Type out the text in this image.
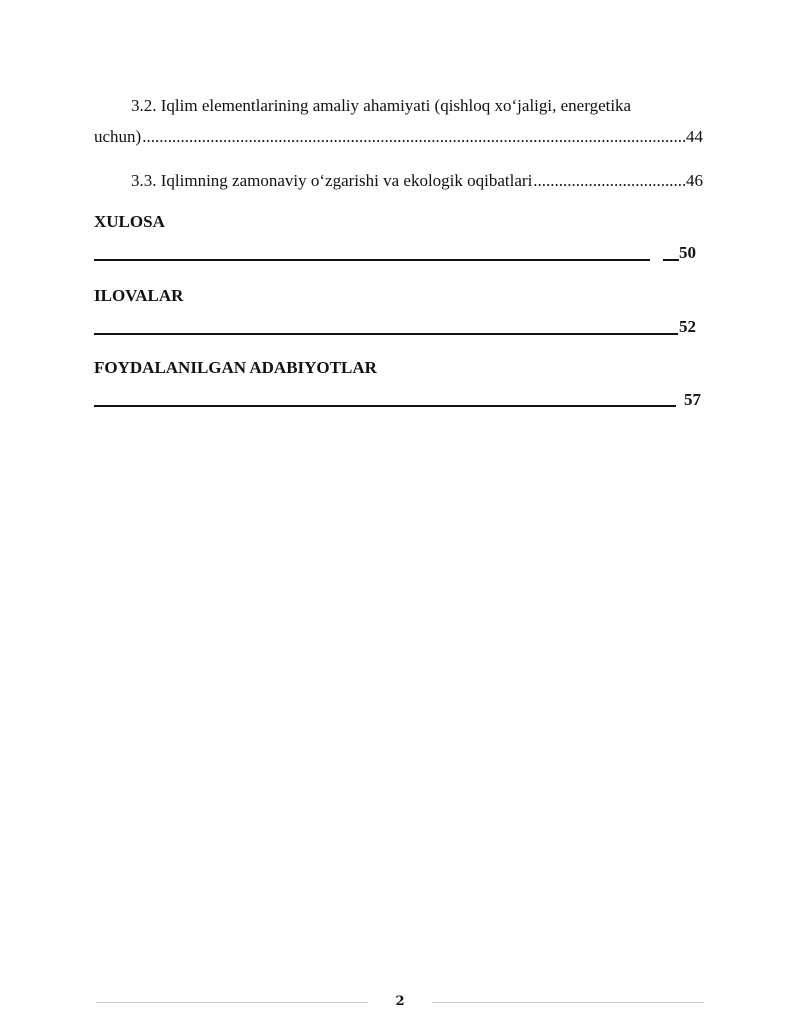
3.2. Iqlim elementlarining amaliy ahamiyati (qishloq xo‘jaligi, energetika
uchun) .....	44
3.3. Iqlimning zamonaviy o‘zgarishi va ekologik oqibatlari .....	46
XULOSA
50
ILOVALAR
52
FOYDALANILGAN ADABIYOTLAR
57
2
